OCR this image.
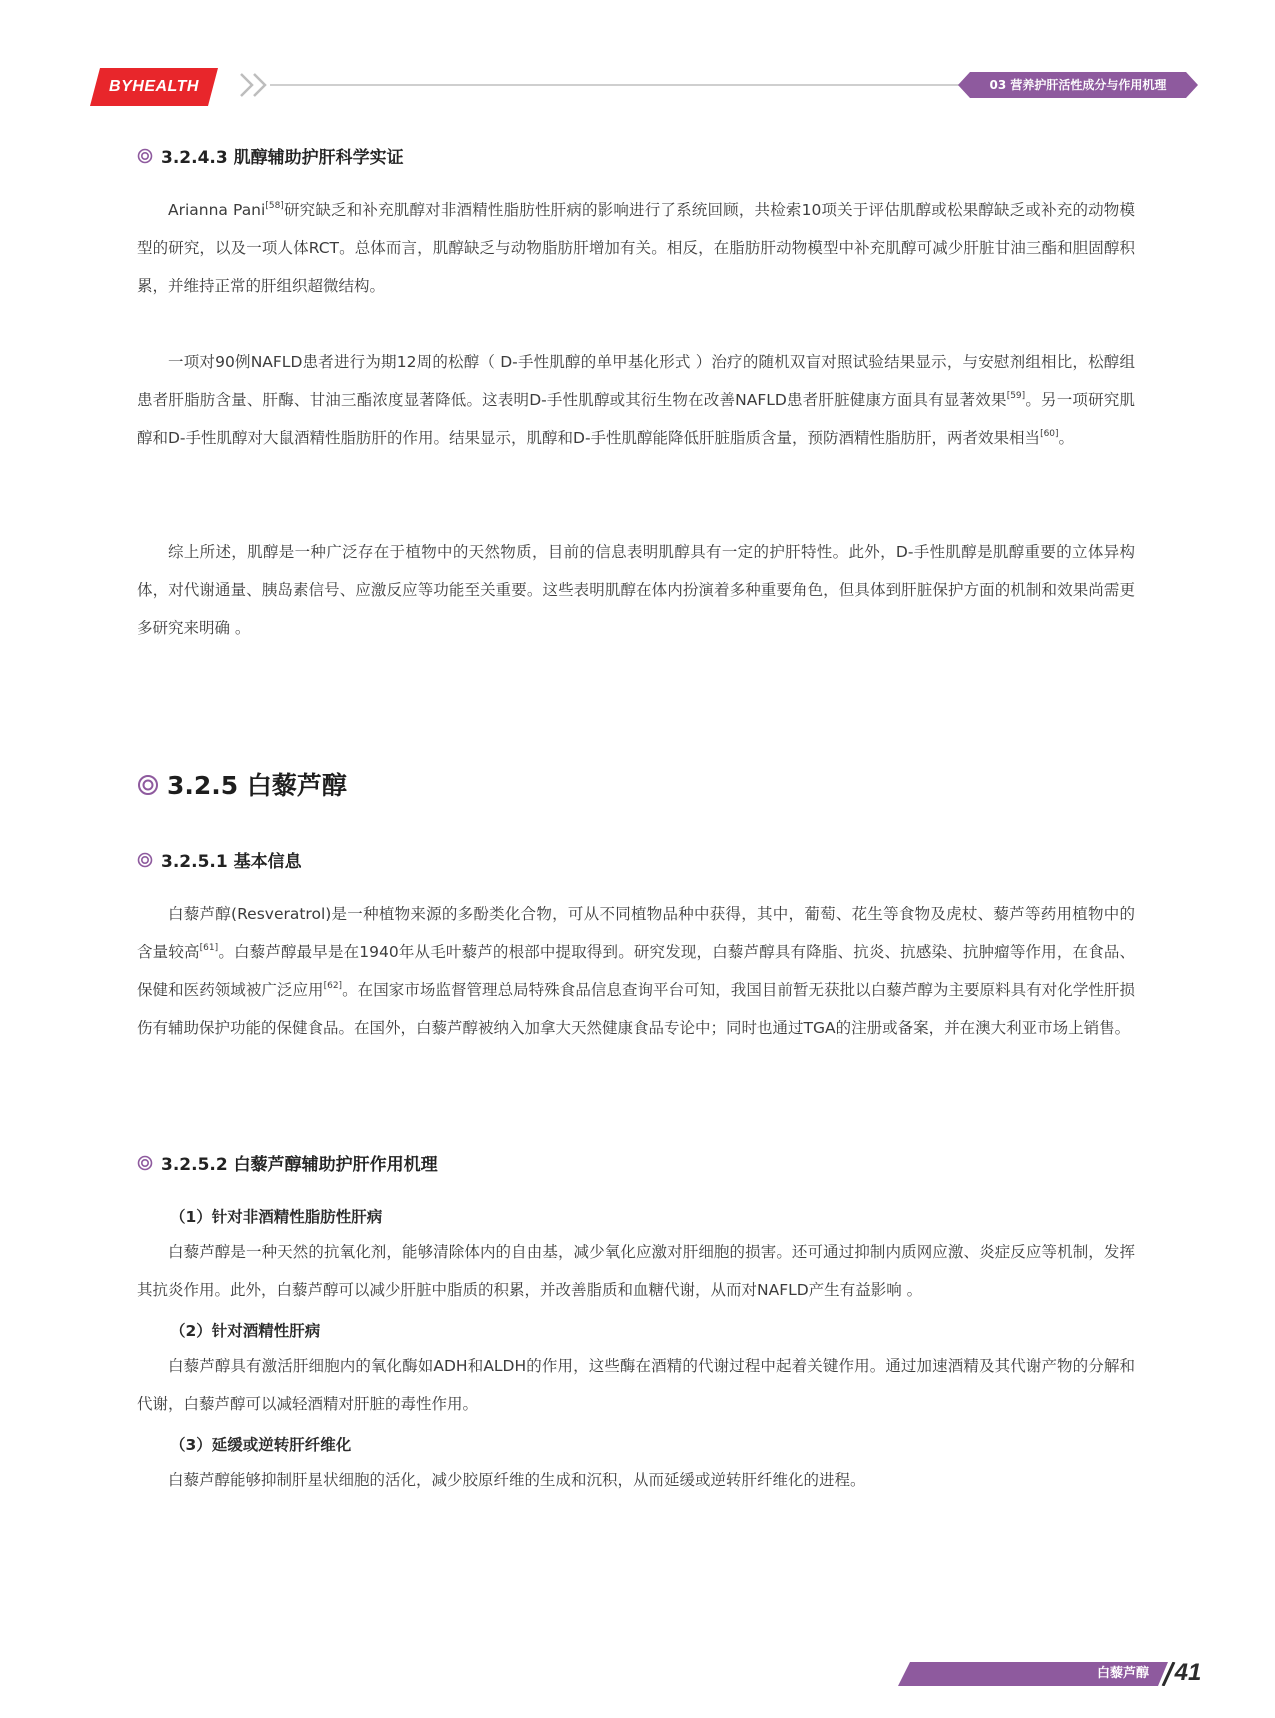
BYHEALTH	03 营养护肝活性成分与作用机理
3.2.4.3 肌醇辅助护肝科学实证

Arianna Pani[58]研究缺乏和补充肌醇对非酒精性脂肪性肝病的影响进行了系统回顾，共检索10项关于评估肌醇或松果醇缺乏或补充的动物模型的研究，以及一项人体RCT。总体而言，肌醇缺乏与动物脂肪肝增加有关。相反，在脂肪肝动物模型中补充肌醇可减少肝脏甘油三酯和胆固醇积累，并维持正常的肝组织超微结构。

一项对90例NAFLD患者进行为期12周的松醇（ D-手性肌醇的单甲基化形式 ）治疗的随机双盲对照试验结果显示，与安慰剂组相比，松醇组患者肝脂肪含量、肝酶、甘油三酯浓度显著降低。这表明D-手性肌醇或其衍生物在改善NAFLD患者肝脏健康方面具有显著效果[59]。另一项研究肌醇和D-手性肌醇对大鼠酒精性脂肪肝的作用。结果显示，肌醇和D-手性肌醇能降低肝脏脂质含量，预防酒精性脂肪肝，两者效果相当[60]。

综上所述，肌醇是一种广泛存在于植物中的天然物质，目前的信息表明肌醇具有一定的护肝特性。此外，D-手性肌醇是肌醇重要的立体异构体，对代谢通量、胰岛素信号、应激反应等功能至关重要。这些表明肌醇在体内扮演着多种重要角色，但具体到肝脏保护方面的机制和效果尚需更多研究来明确 。

3.2.5 白藜芦醇
3.2.5.1 基本信息

白藜芦醇(Resveratrol)是一种植物来源的多酚类化合物，可从不同植物品种中获得，其中，葡萄、花生等食物及虎杖、藜芦等药用植物中的含量较高[61]。白藜芦醇最早是在1940年从毛叶藜芦的根部中提取得到。研究发现，白藜芦醇具有降脂、抗炎、抗感染、抗肿瘤等作用，在食品、保健和医药领域被广泛应用[62]。在国家市场监督管理总局特殊食品信息查询平台可知，我国目前暂无获批以白藜芦醇为主要原料具有对化学性肝损伤有辅助保护功能的保健食品。在国外，白藜芦醇被纳入加拿大天然健康食品专论中；同时也通过TGA的注册或备案，并在澳大利亚市场上销售。

3.2.5.2 白藜芦醇辅助护肝作用机理
（1）针对非酒精性脂肪性肝病

白藜芦醇是一种天然的抗氧化剂，能够清除体内的自由基，减少氧化应激对肝细胞的损害。还可通过抑制内质网应激、炎症反应等机制，发挥其抗炎作用。此外，白藜芦醇可以减少肝脏中脂质的积累，并改善脂质和血糖代谢，从而对NAFLD产生有益影响 。

（2）针对酒精性肝病

白藜芦醇具有激活肝细胞内的氧化酶如ADH和ALDH的作用，这些酶在酒精的代谢过程中起着关键作用。通过加速酒精及其代谢产物的分解和代谢，白藜芦醇可以减轻酒精对肝脏的毒性作用。

（3）延缓或逆转肝纤维化

白藜芦醇能够抑制肝星状细胞的活化，减少胶原纤维的生成和沉积，从而延缓或逆转肝纤维化的进程。

白藜芦醇	41
